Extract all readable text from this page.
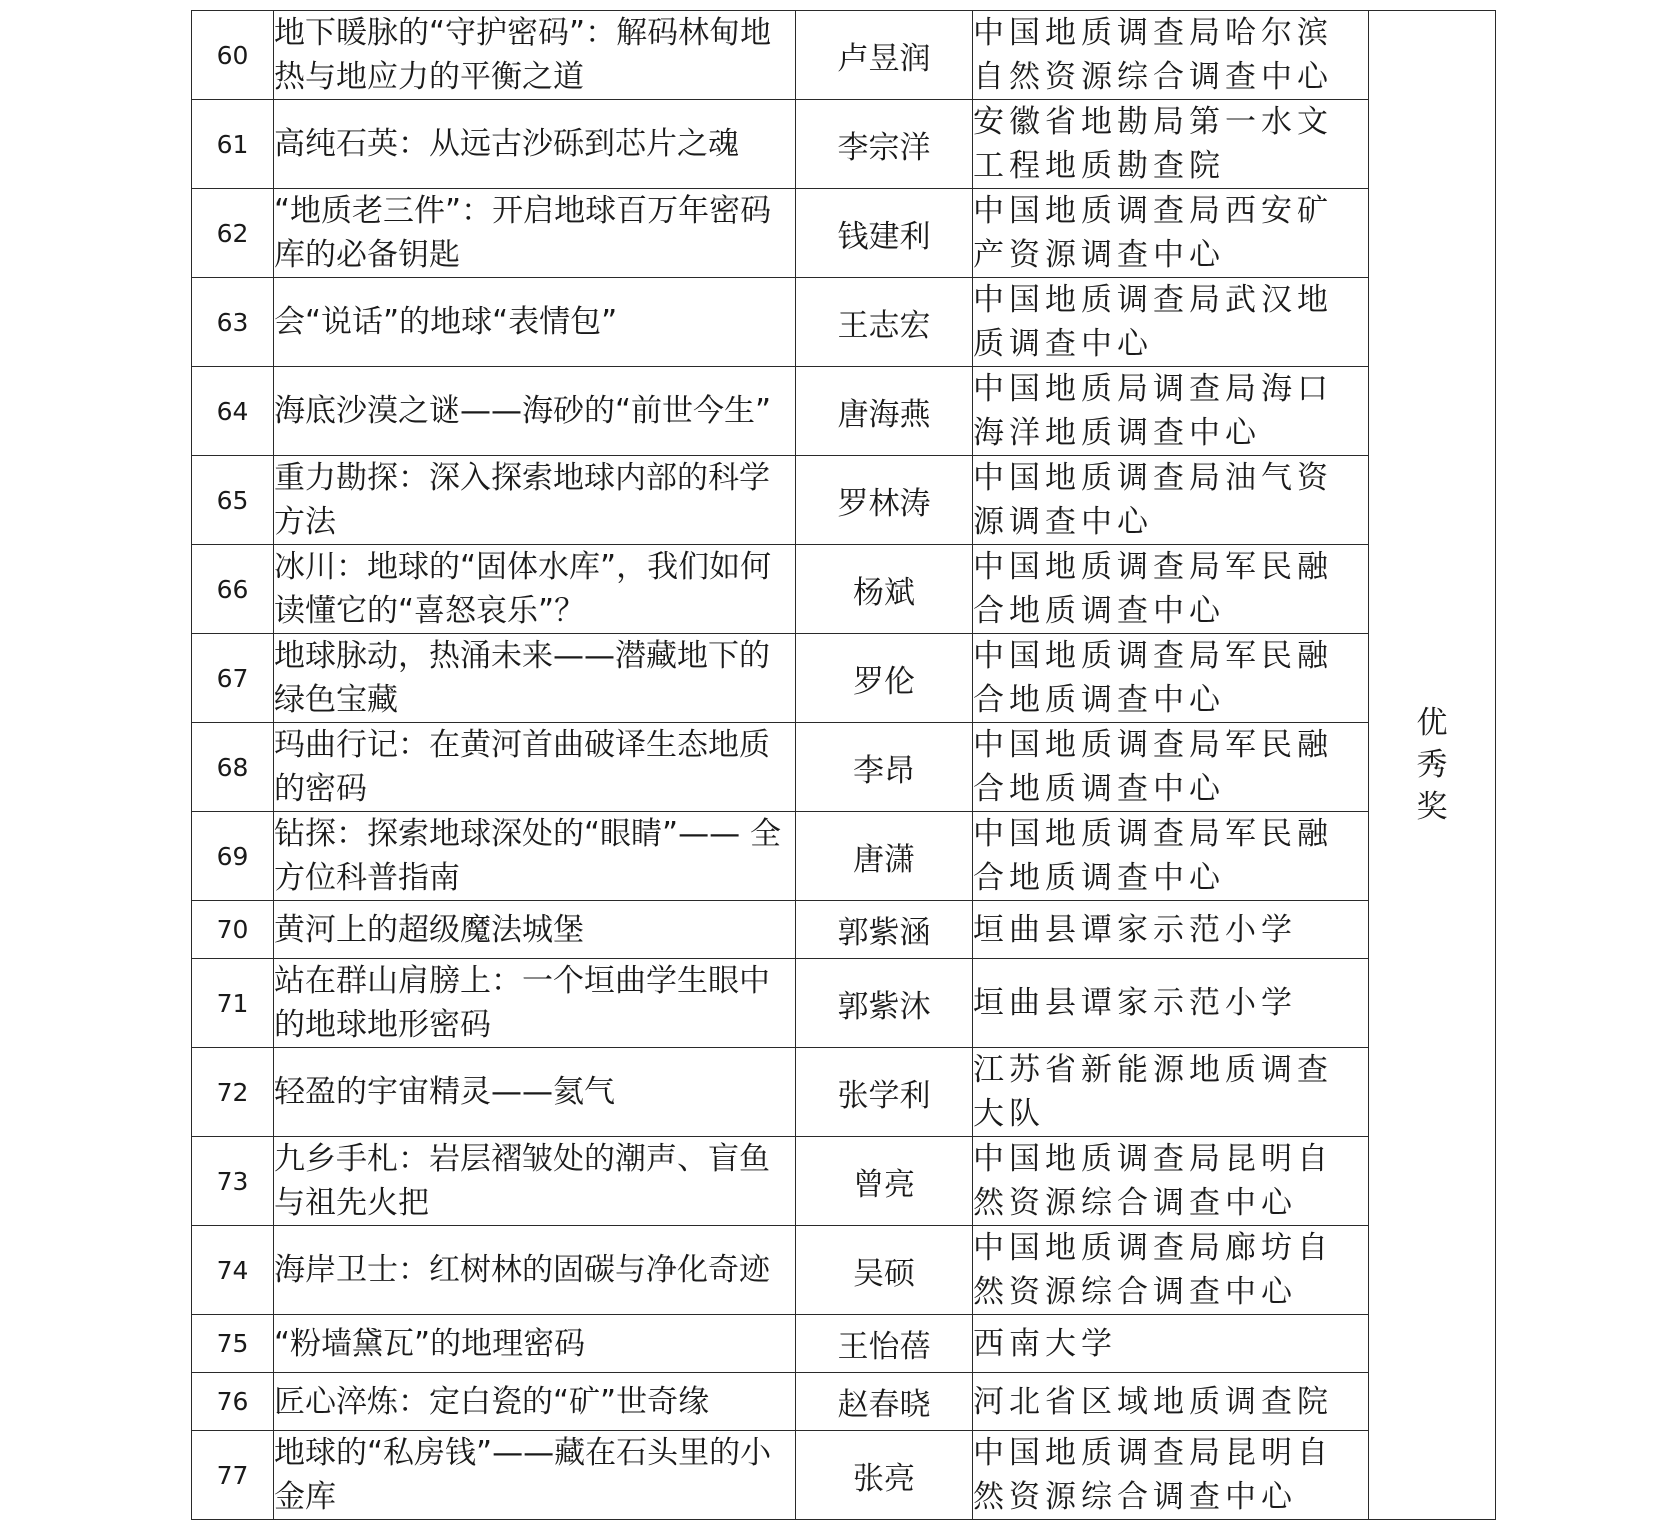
60	地下暖脉的“守护密码”：解码林甸地热与地应力的平衡之道	卢昱润	中国地质调查局哈尔滨自然资源综合调查中心	优秀奖
61	高纯石英：从远古沙砾到芯片之魂	李宗洋	安徽省地勘局第一水文工程地质勘查院	
62	“地质老三件”：开启地球百万年密码库的必备钥匙	钱建利	中国地质调查局西安矿产资源调查中心	
63	会“说话”的地球“表情包”	王志宏	中国地质调查局武汉地质调查中心	
64	海底沙漠之谜——海砂的“前世今生”	唐海燕	中国地质局调查局海口海洋地质调查中心	
65	重力勘探：深入探索地球内部的科学方法	罗林涛	中国地质调查局油气资源调查中心	
66	冰川：地球的“固体水库”，我们如何读懂它的“喜怒哀乐”？	杨斌	中国地质调查局军民融合地质调查中心	
67	地球脉动，热涌未来——潜藏地下的绿色宝藏	罗伦	中国地质调查局军民融合地质调查中心	
68	玛曲行记：在黄河首曲破译生态地质的密码	李昂	中国地质调查局军民融合地质调查中心	
69	钻探：探索地球深处的“眼睛”—— 全方位科普指南	唐潇	中国地质调查局军民融合地质调查中心	
70	黄河上的超级魔法城堡	郭紫涵	垣曲县谭家示范小学	
71	站在群山肩膀上：一个垣曲学生眼中的地球地形密码	郭紫沐	垣曲县谭家示范小学	
72	轻盈的宇宙精灵——氦气	张学利	江苏省新能源地质调查大队	
73	九乡手札：岩层褶皱处的潮声、盲鱼与祖先火把	曾亮	中国地质调查局昆明自然资源综合调查中心	
74	海岸卫士：红树林的固碳与净化奇迹	吴硕	中国地质调查局廊坊自然资源综合调查中心	
75	“粉墙黛瓦”的地理密码	王怡蓓	西南大学	
76	匠心淬炼：定白瓷的“矿”世奇缘	赵春晓	河北省区域地质调查院	
77	地球的“私房钱”——藏在石头里的小金库	张亮	中国地质调查局昆明自然资源综合调查中心	
